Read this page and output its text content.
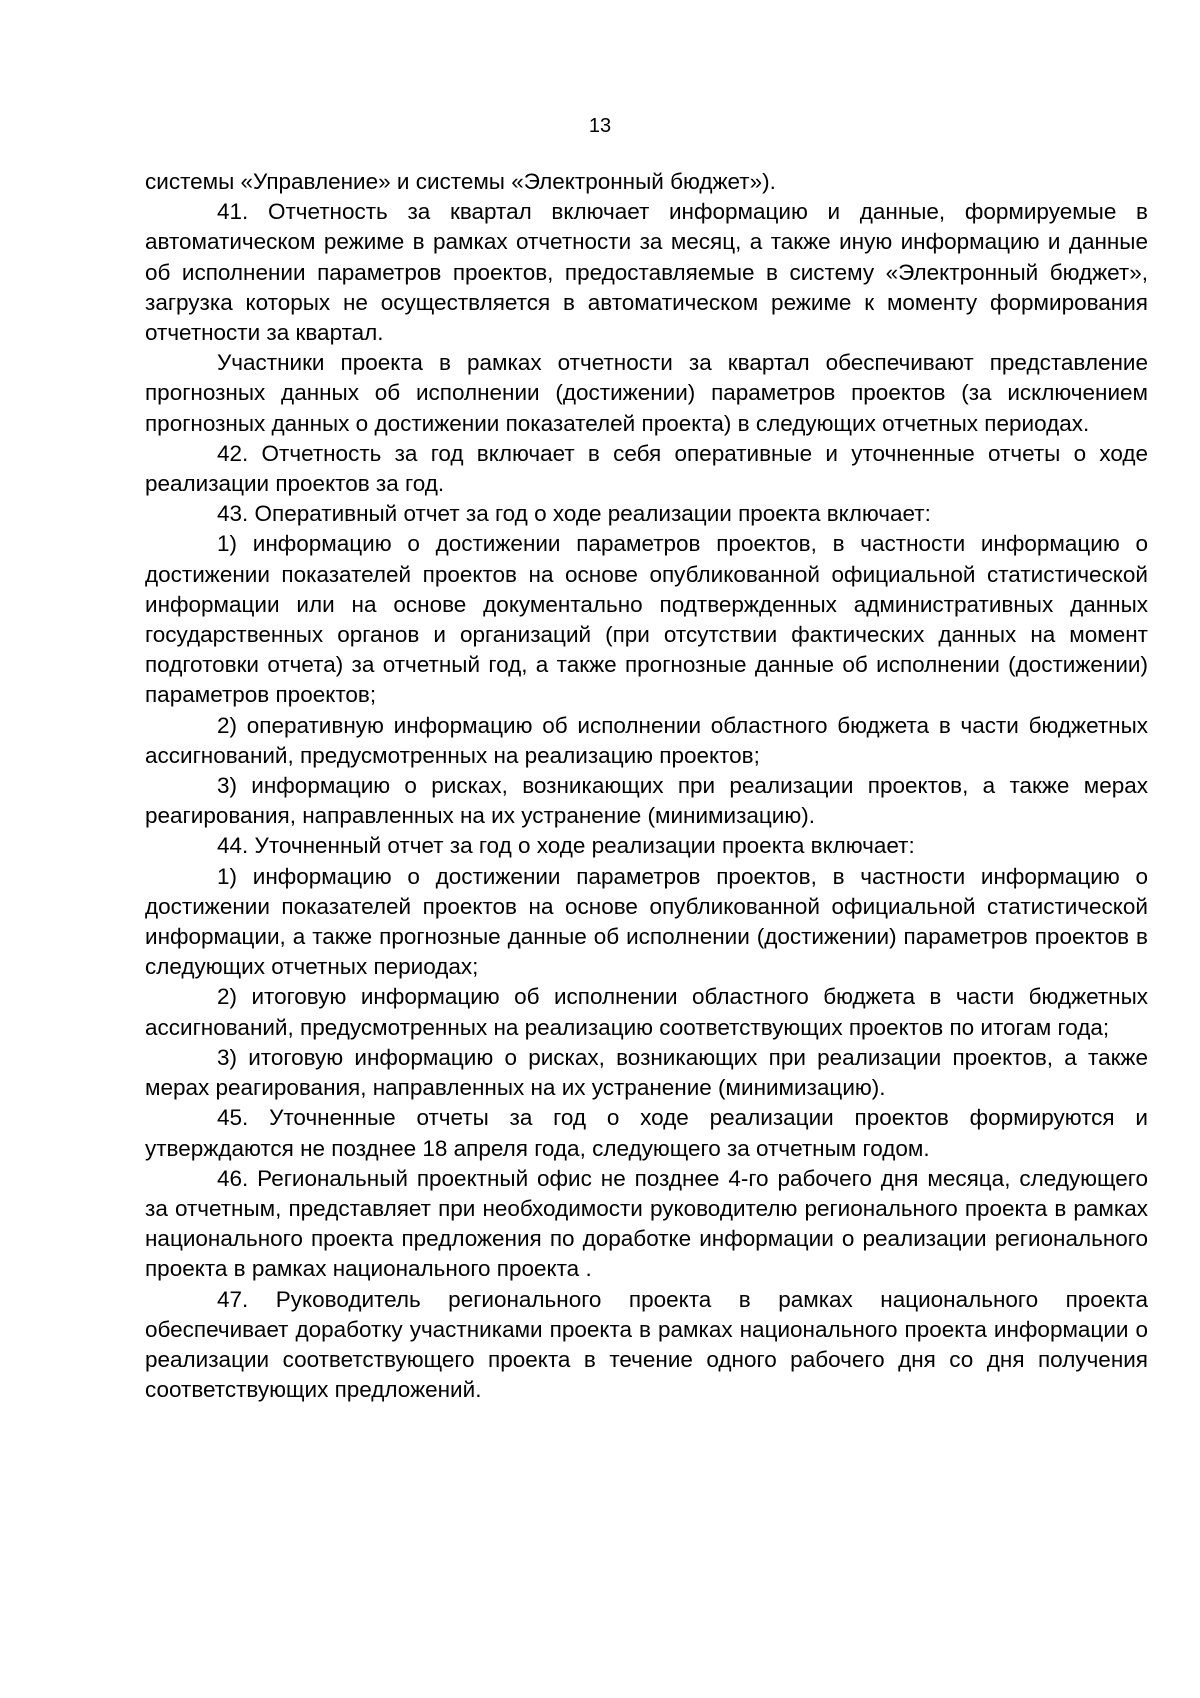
13

системы «Управление» и системы «Электронный бюджет»).

41. Отчетность за квартал включает информацию и данные, формируемые в автоматическом режиме в рамках отчетности за месяц, а также иную информацию и данные об исполнении параметров проектов, предоставляемые в систему «Электронный бюджет», загрузка которых не осуществляется в автоматическом режиме к моменту формирования отчетности за квартал.

Участники проекта в рамках отчетности за квартал обеспечивают представление прогнозных данных об исполнении (достижении) параметров проектов (за исключением прогнозных данных о достижении показателей проекта) в следующих отчетных периодах.

42. Отчетность за год включает в себя оперативные и уточненные отчеты о ходе реализации проектов за год.

43. Оперативный отчет за год о ходе реализации проекта включает:

1) информацию о достижении параметров проектов, в частности информацию о достижении показателей проектов на основе опубликованной официальной статистической информации или на основе документально подтвержденных административных данных государственных органов и организаций (при отсутствии фактических данных на момент подготовки отчета) за отчетный год, а также прогнозные данные об исполнении (достижении) параметров проектов;

2) оперативную информацию об исполнении областного бюджета в части бюджетных ассигнований, предусмотренных на реализацию проектов;

3) информацию о рисках, возникающих при реализации проектов, а также мерах реагирования, направленных на их устранение (минимизацию).

44. Уточненный отчет за год о ходе реализации проекта включает:

1) информацию о достижении параметров проектов, в частности информацию о достижении показателей проектов на основе опубликованной официальной статистической информации, а также прогнозные данные об исполнении (достижении) параметров проектов в следующих отчетных периодах;

2) итоговую информацию об исполнении областного бюджета в части бюджетных ассигнований, предусмотренных на реализацию соответствующих проектов по итогам года;

3) итоговую информацию о рисках, возникающих при реализации проектов, а также мерах реагирования, направленных на их устранение (минимизацию).

45. Уточненные отчеты за год о ходе реализации проектов формируются и утверждаются не позднее 18 апреля года, следующего за отчетным годом.

46. Региональный проектный офис не позднее 4-го рабочего дня месяца, следующего за отчетным, представляет при необходимости руководителю регионального проекта в рамках национального проекта предложения по доработке информации о реализации регионального проекта в рамках национального проекта .

47. Руководитель регионального проекта в рамках национального проекта обеспечивает доработку участниками проекта в рамках национального проекта информации о реализации соответствующего проекта в течение одного рабочего дня со дня получения соответствующих предложений.
